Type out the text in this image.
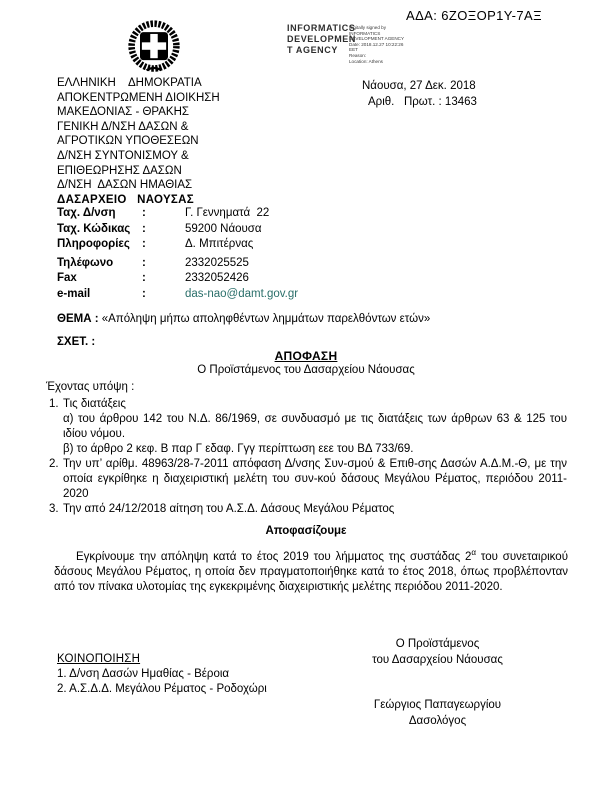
ΑΔΑ: 6ΖΟΞΟΡ1Υ-7ΑΞ
INFORMATICS
DEVELOPMEN
T AGENCY
Digitally signed by
INFORMATICS
DEVELOPMENT AGENCY
Date: 2018.12.27 10:22:26
EET
Reason:
Location: Athens
ΕΛΛΗΝΙΚΗ    ΔΗΜΟΚΡΑΤΙΑ
ΑΠΟΚΕΝΤΡΩΜΕΝΗ ΔΙΟΙΚΗΣΗ
ΜΑΚΕΔΟΝΙΑΣ - ΘΡΑΚΗΣ
ΓΕΝΙΚΗ Δ/ΝΣΗ ΔΑΣΩΝ &
ΑΓΡΟΤΙΚΩΝ ΥΠΟΘΕΣΕΩΝ
Δ/ΝΣΗ ΣΥΝΤΟΝΙΣΜΟΥ &
ΕΠΙΘΕΩΡΗΣΗΣ ΔΑΣΩΝ
Δ/ΝΣΗ  ΔΑΣΩΝ ΗΜΑΘΙΑΣ
ΔΑΣΑΡΧΕΙΟ   ΝΑΟΥΣΑΣ
Νάουσα, 27 Δεκ. 2018
Αριθ.   Πρωτ. : 13463
Ταχ. Δ/νση	:	Γ. Γεννηματά  22
Ταχ. Κώδικας	:	59200 Νάουσα
Πληροφορίες	:	Δ. Μπιτέρνας
Τηλέφωνο	:	2332025525
Fax	:	2332052426
e-mail	:	das-nao@damt.gov.gr
ΘΕΜΑ : «Απόληψη μήπω αποληφθέντων λημμάτων παρελθόντων ετών»
ΣΧΕΤ. :
ΑΠΟΦΑΣΗ
Ο Προϊστάμενος του Δασαρχείου Νάουσας
Έχοντας υπόψη :
1. Τις διατάξεις
α) του άρθρου 142 του Ν.Δ. 86/1969, σε συνδυασμό με τις διατάξεις των άρθρων 63 & 125 του ιδίου νόμου.
β) το άρθρο 2 κεφ. Β παρ Γ εδαφ. Γγγ περίπτωση εεε του ΒΔ 733/69.
2. Την υπ’ αρίθμ. 48963/28-7-2011 απόφαση Δ/νσης Συν-σμού & Επιθ-σης Δασών Α.Δ.Μ.-Θ, με την οποία εγκρίθηκε η διαχειριστική μελέτη του συν-κού δάσους Μεγάλου Ρέματος, περιόδου 2011-2020
3. Την από 24/12/2018 αίτηση του Α.Σ.Δ. Δάσους Μεγάλου Ρέματος
Αποφασίζουμε
Εγκρίνουμε την απόληψη κατά το έτος 2019 του λήμματος της συστάδας $2^\alpha$ του συνεταιρικού δάσους Μεγάλου Ρέματος, η οποία δεν πραγματοποιήθηκε κατά το έτος 2018, όπως προβλέπονταν από τον πίνακα υλοτομίας της εγκεκριμένης διαχειριστικής μελέτης περιόδου 2011-2020.
Ο Προϊστάμενος
του Δασαρχείου Νάουσας
Γεώργιος Παπαγεωργίου
Δασολόγος
ΚΟΙΝΟΠΟΙΗΣΗ
1. Δ/νση Δασών Ημαθίας - Βέροια
2. Α.Σ.Δ.Δ. Μεγάλου Ρέματος - Ροδοχώρι
